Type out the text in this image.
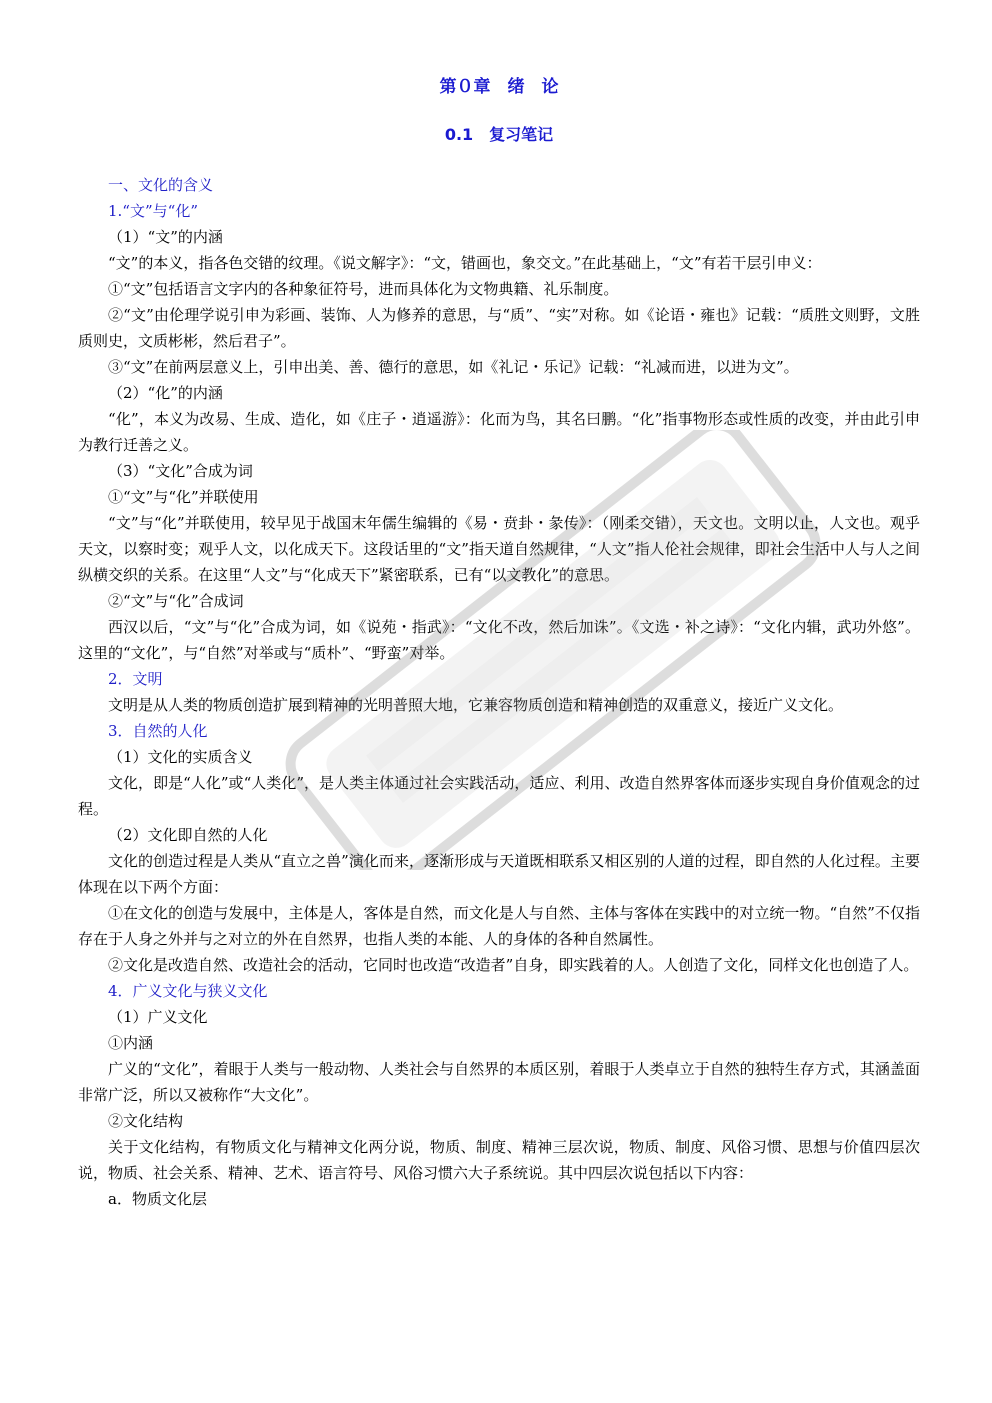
第０章　绪　论
0.1　复习笔记
一、文化的含义
1.“文”与“化”
（1）“文”的内涵
“文”的本义，指各色交错的纹理。《说文解字》：“文，错画也，象交文。”在此基础上，“文”有若干层引申义：
①“文”包括语言文字内的各种象征符号，进而具体化为文物典籍、礼乐制度。
②“文”由伦理学说引申为彩画、装饰、人为修养的意思，与“质”、“实”对称。如《论语・雍也》记载：“质胜文则野，文胜质则史，文质彬彬，然后君子”。
③“文”在前两层意义上，引申出美、善、德行的意思，如《礼记・乐记》记载：“礼减而进，以进为文”。
（2）“化”的内涵
“化”，本义为改易、生成、造化，如《庄子・逍遥游》：化而为鸟，其名曰鹏。“化”指事物形态或性质的改变，并由此引申为教行迁善之义。
（3）“文化”合成为词
①“文”与“化”并联使用
“文”与“化”并联使用，较早见于战国末年儒生编辑的《易・贲卦・彖传》：（刚柔交错），天文也。文明以止，人文也。观乎天文，以察时变；观乎人文，以化成天下。这段话里的“文”指天道自然规律，“人文”指人伦社会规律，即社会生活中人与人之间纵横交织的关系。在这里“人文”与“化成天下”紧密联系，已有“以文教化”的意思。
②“文”与“化”合成词
西汉以后，“文”与“化”合成为词，如《说苑・指武》：“文化不改，然后加诛”。《文选・补之诗》：“文化内辑，武功外悠”。这里的“文化”，与“自然”对举或与“质朴”、“野蛮”对举。
2．文明
文明是从人类的物质创造扩展到精神的光明普照大地，它兼容物质创造和精神创造的双重意义，接近广义文化。
3．自然的人化
（1）文化的实质含义
文化，即是“人化”或“人类化”，是人类主体通过社会实践活动，适应、利用、改造自然界客体而逐步实现自身价值观念的过程。
（2）文化即自然的人化
文化的创造过程是人类从“直立之兽”演化而来，逐渐形成与天道既相联系又相区别的人道的过程，即自然的人化过程。主要体现在以下两个方面：
①在文化的创造与发展中，主体是人，客体是自然，而文化是人与自然、主体与客体在实践中的对立统一物。“自然”不仅指存在于人身之外并与之对立的外在自然界，也指人类的本能、人的身体的各种自然属性。
②文化是改造自然、改造社会的活动，它同时也改造“改造者”自身，即实践着的人。人创造了文化，同样文化也创造了人。
4．广义文化与狭义文化
（1）广义文化
①内涵
广义的“文化”，着眼于人类与一般动物、人类社会与自然界的本质区别，着眼于人类卓立于自然的独特生存方式，其涵盖面非常广泛，所以又被称作“大文化”。
②文化结构
关于文化结构，有物质文化与精神文化两分说，物质、制度、精神三层次说，物质、制度、风俗习惯、思想与价值四层次说，物质、社会关系、精神、艺术、语言符号、风俗习惯六大子系统说。其中四层次说包括以下内容：
a．物质文化层
